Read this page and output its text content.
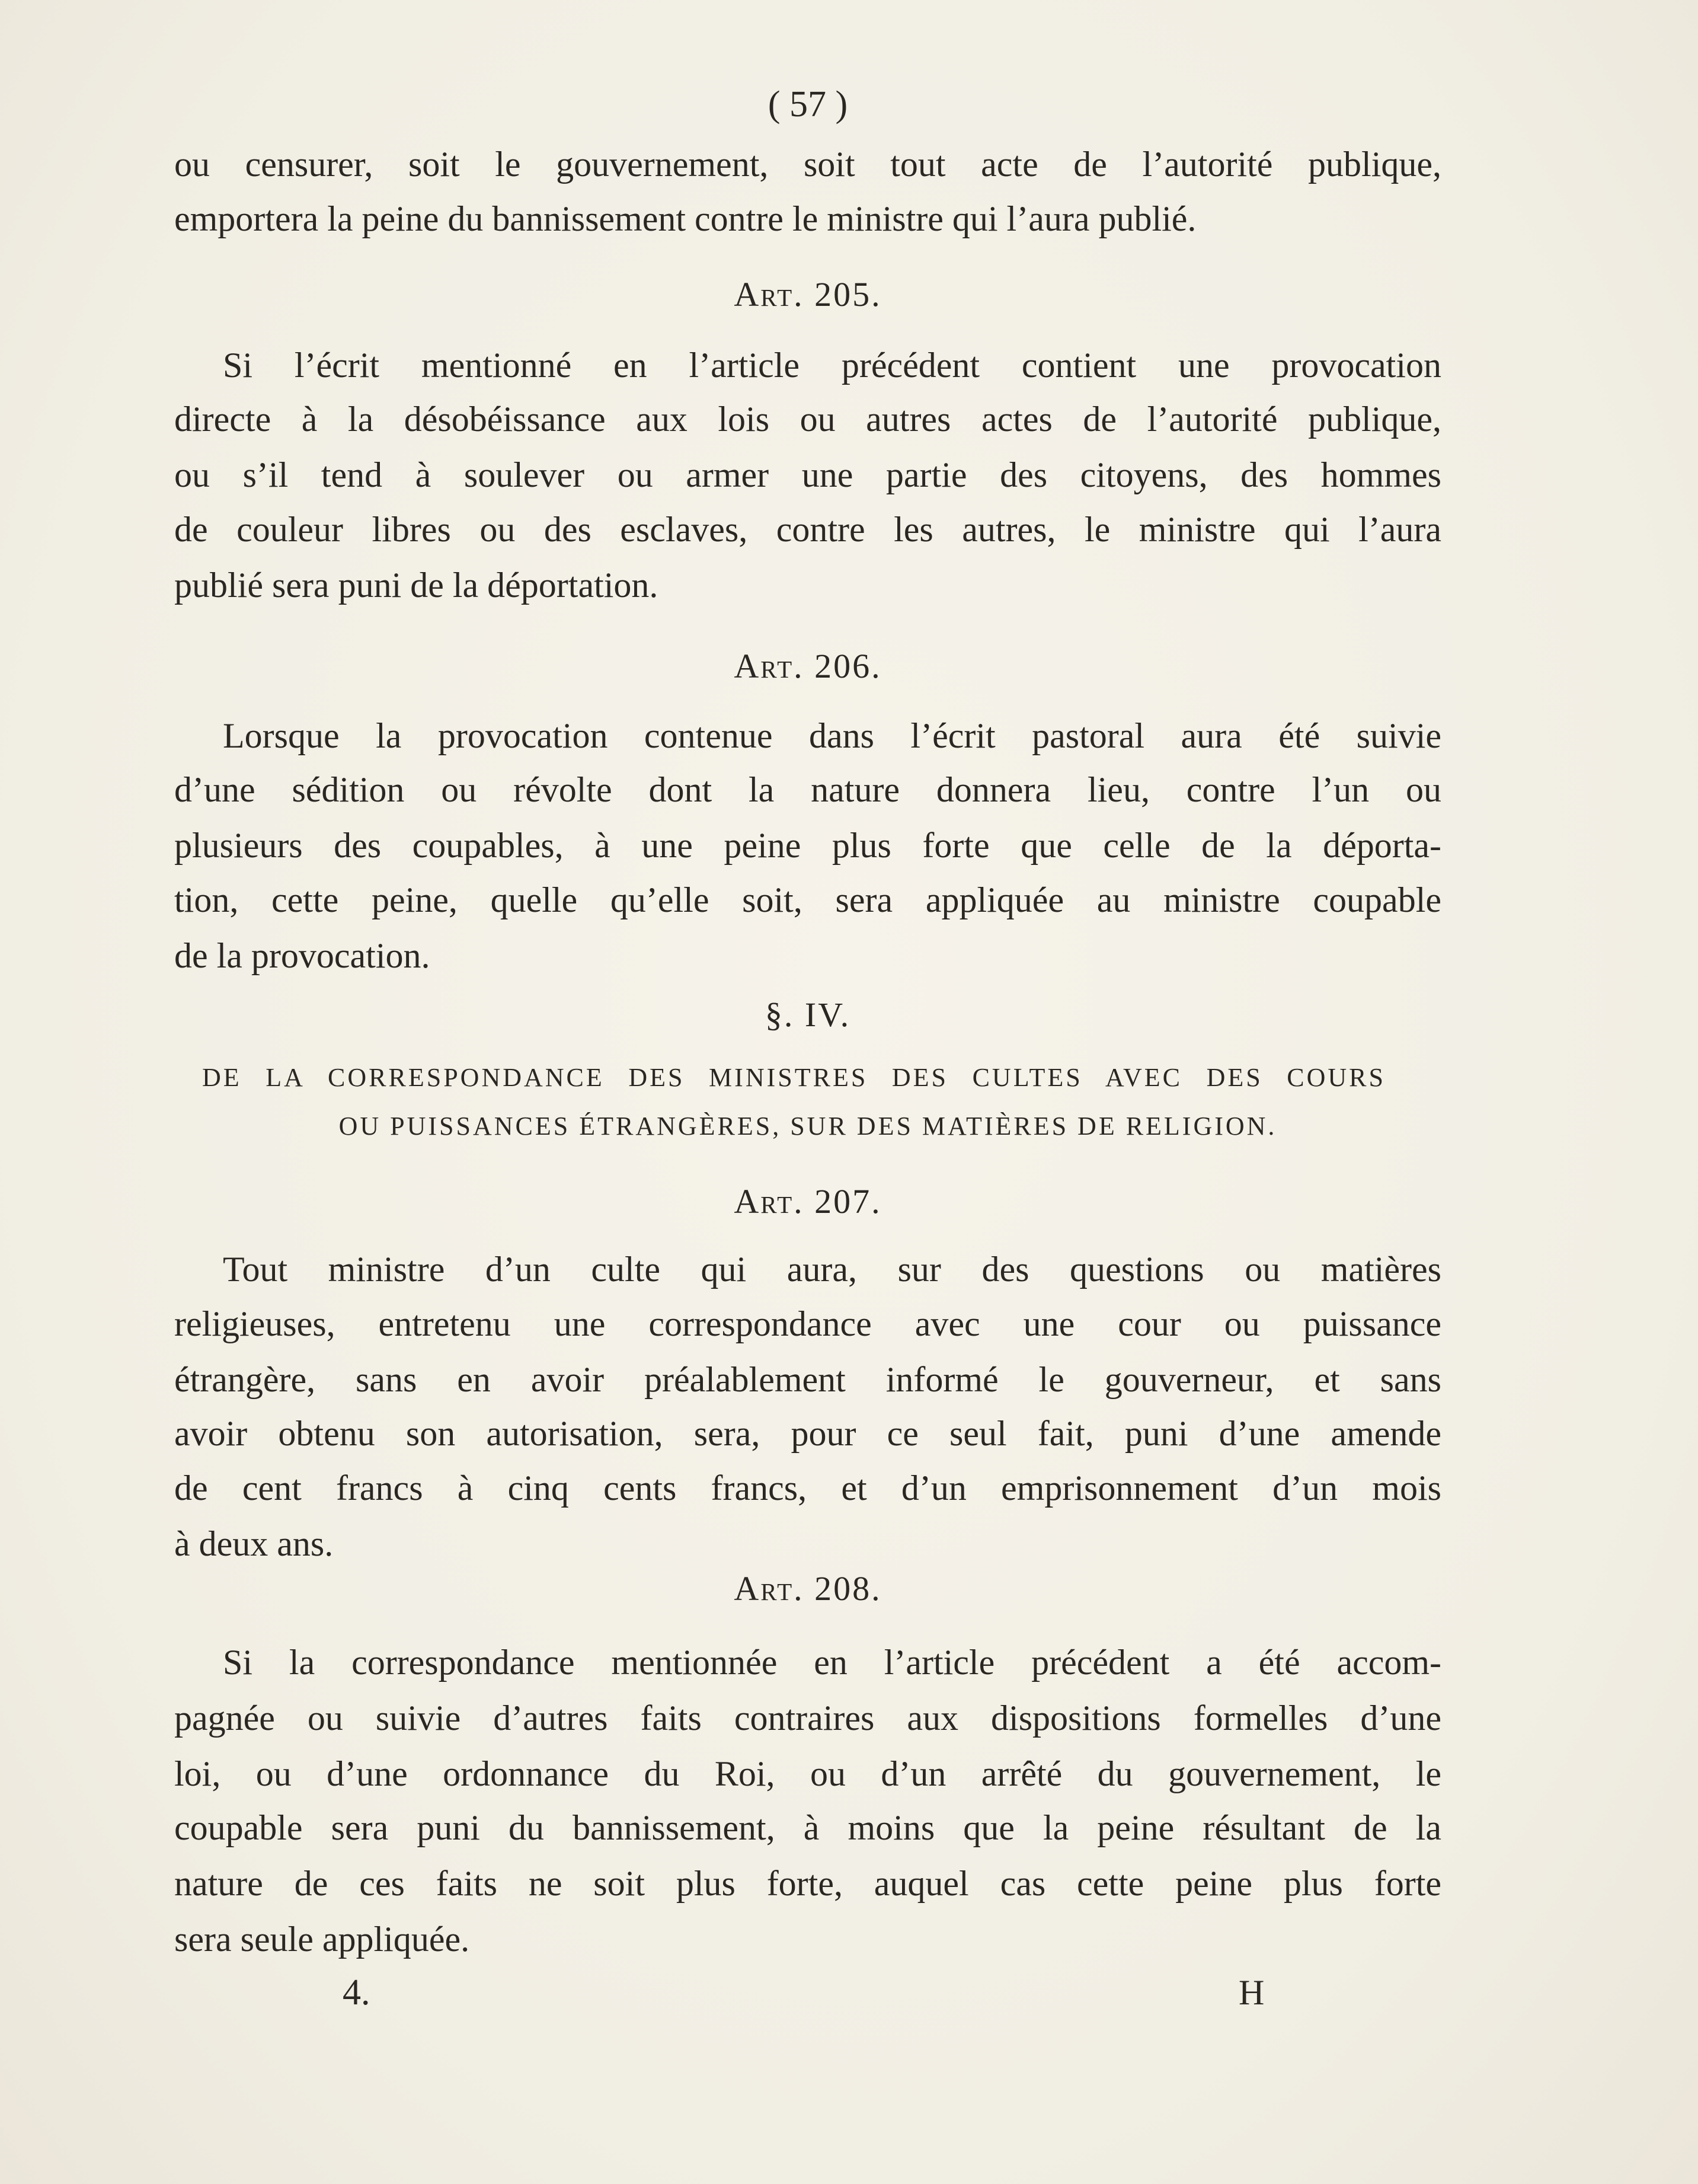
( 57 )
ou censurer, soit le gouvernement, soit tout acte de l’autorité publique,
emportera la peine du bannissement contre le ministre qui l’aura publié.
Art. 205.
Si l’écrit mentionné en l’article précédent contient une provocation
directe à la désobéissance aux lois ou autres actes de l’autorité publique,
ou s’il tend à soulever ou armer une partie des citoyens, des hommes
de couleur libres ou des esclaves, contre les autres, le ministre qui l’aura
publié sera puni de la déportation.
Art. 206.
Lorsque la provocation contenue dans l’écrit pastoral aura été suivie
d’une sédition ou révolte dont la nature donnera lieu, contre l’un ou
plusieurs des coupables, à une peine plus forte que celle de la déporta-
tion, cette peine, quelle qu’elle soit, sera appliquée au ministre coupable
de la provocation.
§. IV.
DE LA CORRESPONDANCE DES MINISTRES DES CULTES AVEC DES COURS
OU PUISSANCES ÉTRANGÈRES, SUR DES MATIÈRES DE RELIGION.
Art. 207.
Tout ministre d’un culte qui aura, sur des questions ou matières
religieuses, entretenu une correspondance avec une cour ou puissance
étrangère, sans en avoir préalablement informé le gouverneur, et sans
avoir obtenu son autorisation, sera, pour ce seul fait, puni d’une amende
de cent francs à cinq cents francs, et d’un emprisonnement d’un mois
à deux ans.
Art. 208.
Si la correspondance mentionnée en l’article précédent a été accom-
pagnée ou suivie d’autres faits contraires aux dispositions formelles d’une
loi, ou d’une ordonnance du Roi, ou d’un arrêté du gouvernement, le
coupable sera puni du bannissement, à moins que la peine résultant de la
nature de ces faits ne soit plus forte, auquel cas cette peine plus forte
sera seule appliquée.
4.	H
